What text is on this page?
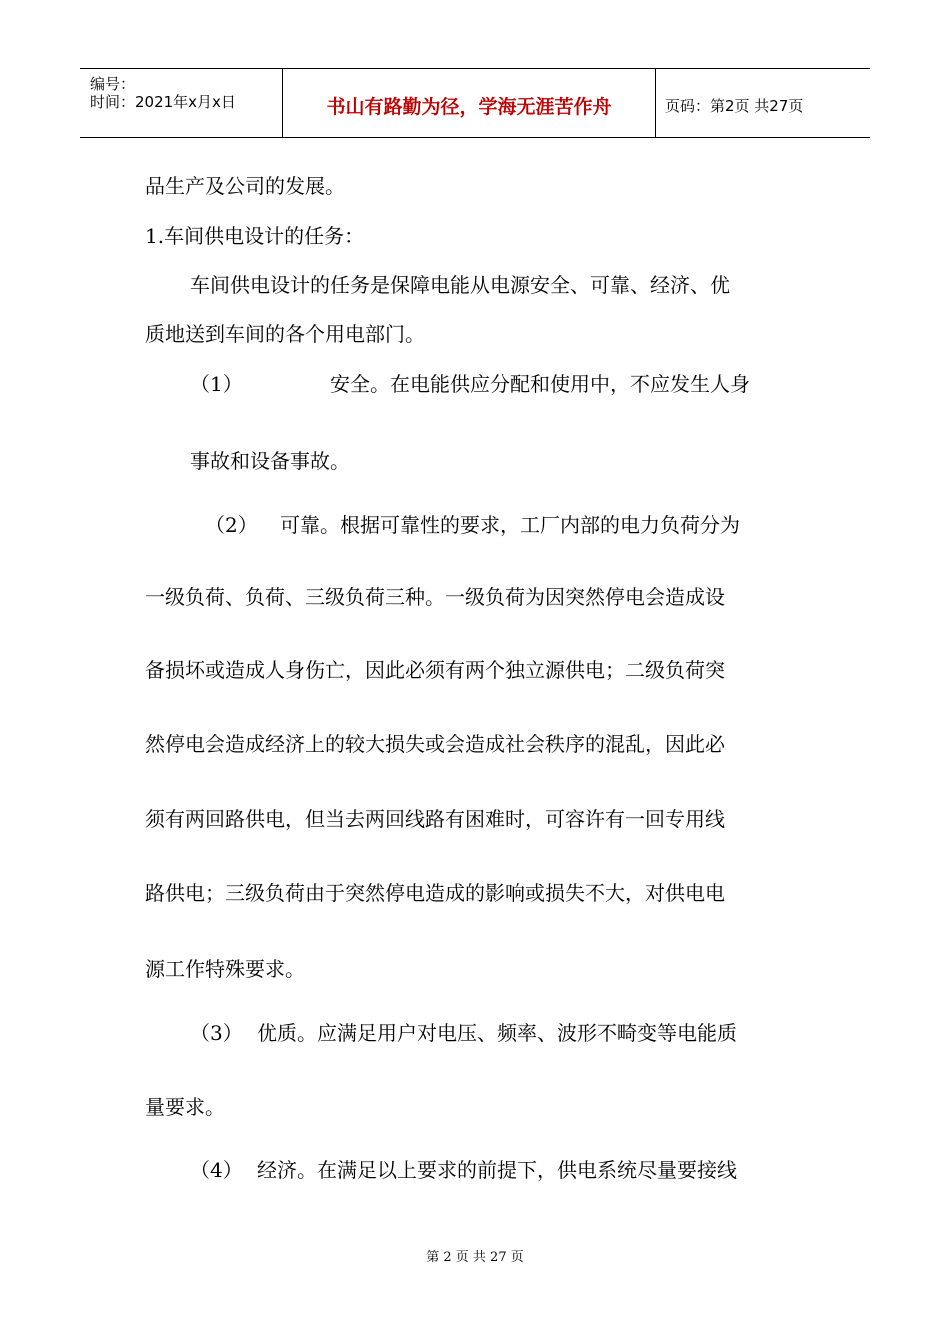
编号：
时间：2021年x月x日	书山有路勤为径，学海无涯苦作舟	页码：第2页 共27页
品生产及公司的发展。
1.车间供电设计的任务：
车间供电设计的任务是保障电能从电源安全、可靠、经济、优
质地送到车间的各个用电部门。
（1）	安全。在电能供应分配和使用中，不应发生人身
事故和设备事故。
（2） 可靠。根据可靠性的要求，工厂内部的电力负荷分为
一级负荷、负荷、三级负荷三种。一级负荷为因突然停电会造成设
备损坏或造成人身伤亡，因此必须有两个独立源供电；二级负荷突
然停电会造成经济上的较大损失或会造成社会秩序的混乱，因此必
须有两回路供电，但当去两回线路有困难时，可容许有一回专用线
路供电；三级负荷由于突然停电造成的影响或损失不大，对供电电
源工作特殊要求。
（3） 优质。应满足用户对电压、频率、波形不畸变等电能质
量要求。
（4） 经济。在满足以上要求的前提下，供电系统尽量要接线
第 2 页 共 27 页
